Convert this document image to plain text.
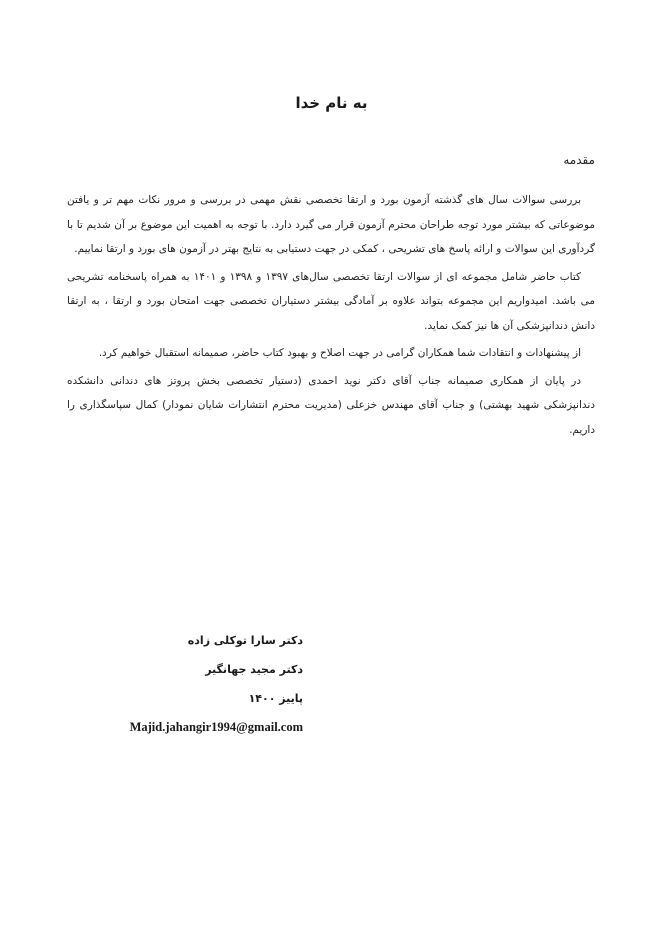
به نام خدا
مقدمه

بررسی سوالات سال های گذشته آزمون بورد و ارتقا تخصصی نقش مهمی در بررسی و مرور نکات مهم تر و یافتن موضوعاتی که بیشتر مورد توجه طراحان محترم آزمون قرار می گیرد دارد. با توجه به اهمیت این موضوع بر آن شدیم تا با گردآوری این سوالات و ارائه پاسخ های تشریحی ، کمکی در جهت دستیابی به نتایج بهتر در آزمون های بورد و ارتقا نماییم.

کتاب حاضر شامل مجموعه ای از سوالات ارتقا تخصصی سال‌های ۱۳۹۷ و ۱۳۹۸ و ۱۴۰۱ به همراه پاسخنامه تشریحی می باشد. امیدواریم این مجموعه بتواند علاوه بر آمادگی بیشتر دستیاران تخصصی جهت امتحان بورد و ارتقا ، به ارتقا دانش دندانپزشکی آن ها نیز کمک نماید.

از پیشنهادات و انتقادات شما همکاران گرامی در جهت اصلاح و بهبود کتاب حاضر، صمیمانه استقبال خواهیم کرد.

در پایان از همکاری صمیمانه جناب آقای دکتر نوید احمدی (دستیار تخصصی بخش پروتز های دندانی دانشکده دندانپزشکی شهید بهشتی) و جناب آقای مهندس خزعلی (مدیریت محترم انتشارات شایان نمودار) کمال سپاسگذاری را داریم.

دکتر سارا توکلی زاده
دکتر مجید جهانگیر
پاییز ۱۴۰۰
Majid.jahangir1994@gmail.com
